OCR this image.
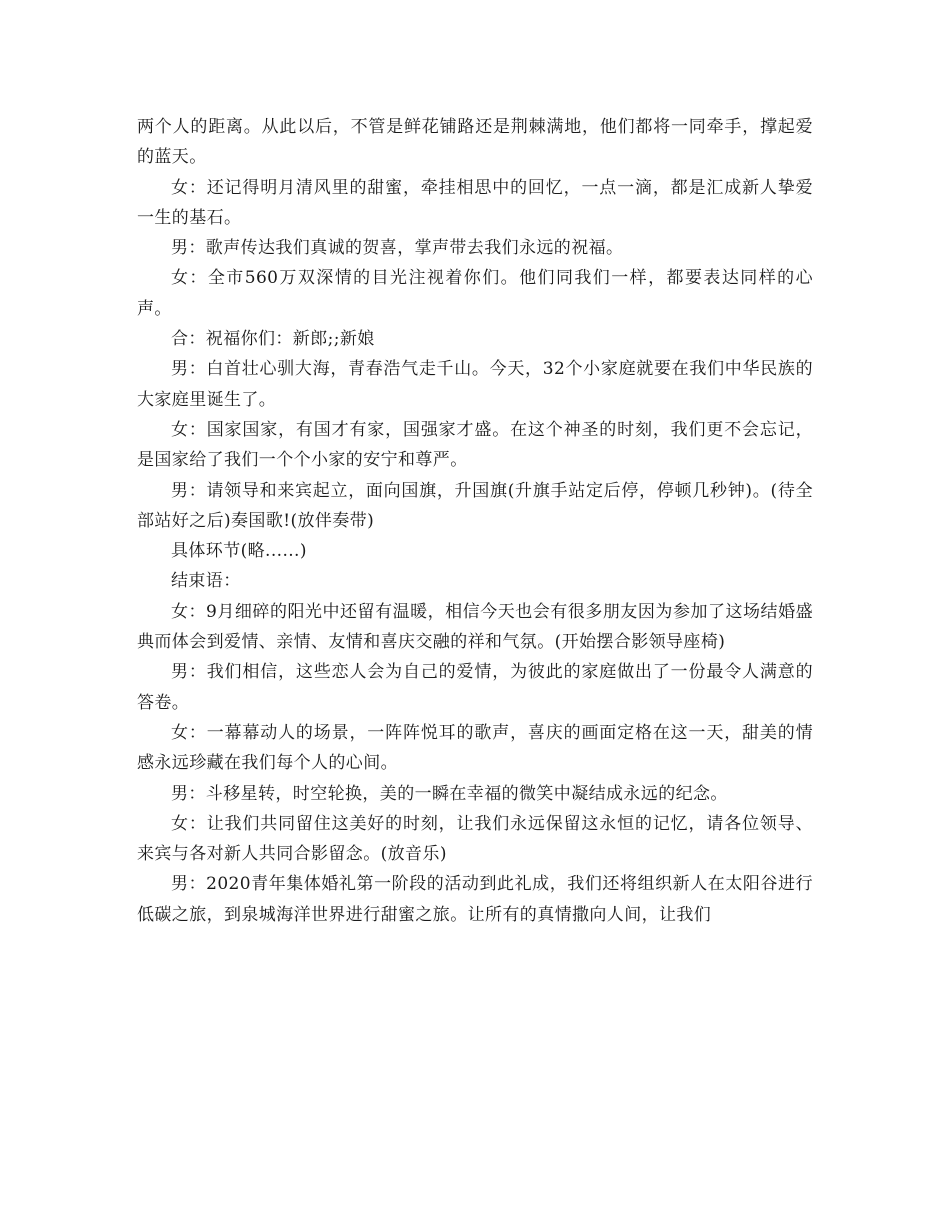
两个人的距离。从此以后，不管是鲜花铺路还是荆棘满地，他们都将一同牵手，撑起爱的蓝天。

女：还记得明月清风里的甜蜜，牵挂相思中的回忆，一点一滴，都是汇成新人挚爱一生的基石。

男：歌声传达我们真诚的贺喜，掌声带去我们永远的祝福。

女：全市560万双深情的目光注视着你们。他们同我们一样，都要表达同样的心声。

合：祝福你们：新郎;;新娘

男：白首壮心驯大海，青春浩气走千山。今天，32个小家庭就要在我们中华民族的大家庭里诞生了。

女：国家国家，有国才有家，国强家才盛。在这个神圣的时刻，我们更不会忘记，是国家给了我们一个个小家的安宁和尊严。

男：请领导和来宾起立，面向国旗，升国旗(升旗手站定后停，停顿几秒钟)。(待全部站好之后)奏国歌!(放伴奏带)

具体环节(略......)

结束语：

女：9月细碎的阳光中还留有温暖，相信今天也会有很多朋友因为参加了这场结婚盛典而体会到爱情、亲情、友情和喜庆交融的祥和气氛。(开始摆合影领导座椅)

男：我们相信，这些恋人会为自己的爱情，为彼此的家庭做出了一份最令人满意的答卷。

女：一幕幕动人的场景，一阵阵悦耳的歌声，喜庆的画面定格在这一天，甜美的情感永远珍藏在我们每个人的心间。

男：斗移星转，时空轮换，美的一瞬在幸福的微笑中凝结成永远的纪念。

女：让我们共同留住这美好的时刻，让我们永远保留这永恒的记忆，请各位领导、来宾与各对新人共同合影留念。(放音乐)

男：2020青年集体婚礼第一阶段的活动到此礼成，我们还将组织新人在太阳谷进行低碳之旅，到泉城海洋世界进行甜蜜之旅。让所有的真情撒向人间，让我们
